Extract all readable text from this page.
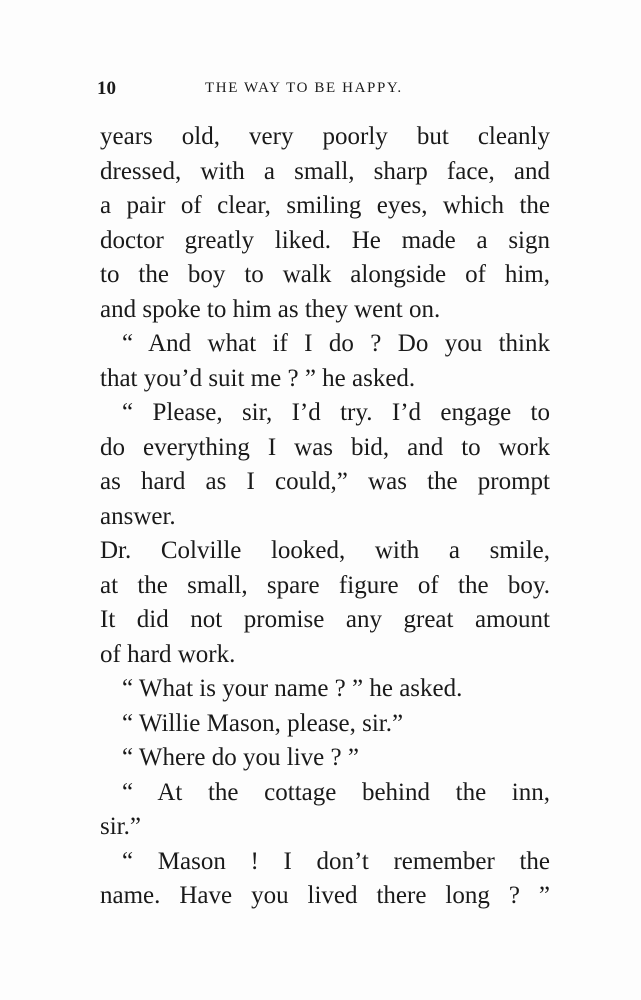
10	THE WAY TO BE HAPPY.
years old, very poorly but cleanly
dressed, with a small, sharp face, and
a pair of clear, smiling eyes, which the
doctor greatly liked. He made a sign
to the boy to walk alongside of him,
and spoke to him as they went on.
“ And what if I do ? Do you think
that you’d suit me ? ” he asked.
“ Please, sir, I’d try. I’d engage to
do everything I was bid, and to work
as hard as I could,” was the prompt
answer.
Dr. Colville looked, with a smile,
at the small, spare figure of the boy.
It did not promise any great amount
of hard work.
“ What is your name ? ” he asked.
“ Willie Mason, please, sir.”
“ Where do you live ? ”
“ At the cottage behind the inn,
sir.”
“ Mason ! I don’t remember the
name. Have you lived there long ? ”
